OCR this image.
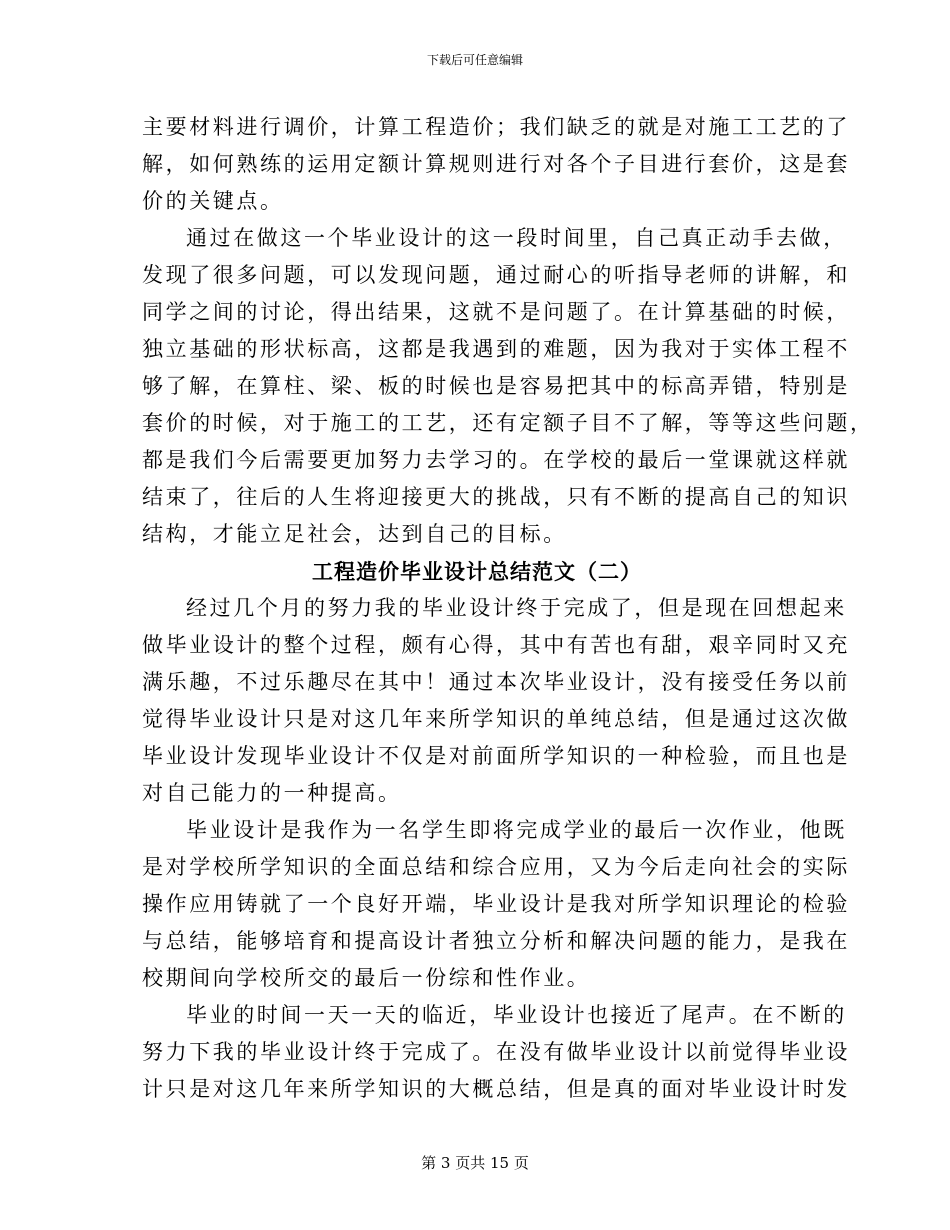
下载后可任意编辑
主要材料进行调价，计算工程造价；我们缺乏的就是对施工工艺的了
解，如何熟练的运用定额计算规则进行对各个子目进行套价，这是套
价的关键点。
通过在做这一个毕业设计的这一段时间里，自己真正动手去做，
发现了很多问题，可以发现问题，通过耐心的听指导老师的讲解，和
同学之间的讨论，得出结果，这就不是问题了。在计算基础的时候，
独立基础的形状标高，这都是我遇到的难题，因为我对于实体工程不
够了解，在算柱、梁、板的时候也是容易把其中的标高弄错，特别是
套价的时候，对于施工的工艺，还有定额子目不了解，等等这些问题，
都是我们今后需要更加努力去学习的。在学校的最后一堂课就这样就
结束了，往后的人生将迎接更大的挑战，只有不断的提高自己的知识
结构，才能立足社会，达到自己的目标。
工程造价毕业设计总结范文（二）
经过几个月的努力我的毕业设计终于完成了，但是现在回想起来
做毕业设计的整个过程，颇有心得，其中有苦也有甜，艰辛同时又充
满乐趣，不过乐趣尽在其中！通过本次毕业设计，没有接受任务以前
觉得毕业设计只是对这几年来所学知识的单纯总结，但是通过这次做
毕业设计发现毕业设计不仅是对前面所学知识的一种检验，而且也是
对自己能力的一种提高。
毕业设计是我作为一名学生即将完成学业的最后一次作业，他既
是对学校所学知识的全面总结和综合应用，又为今后走向社会的实际
操作应用铸就了一个良好开端，毕业设计是我对所学知识理论的检验
与总结，能够培育和提高设计者独立分析和解决问题的能力，是我在
校期间向学校所交的最后一份综和性作业。
毕业的时间一天一天的临近，毕业设计也接近了尾声。在不断的
努力下我的毕业设计终于完成了。在没有做毕业设计以前觉得毕业设
计只是对这几年来所学知识的大概总结，但是真的面对毕业设计时发
第 3 页共 15 页
